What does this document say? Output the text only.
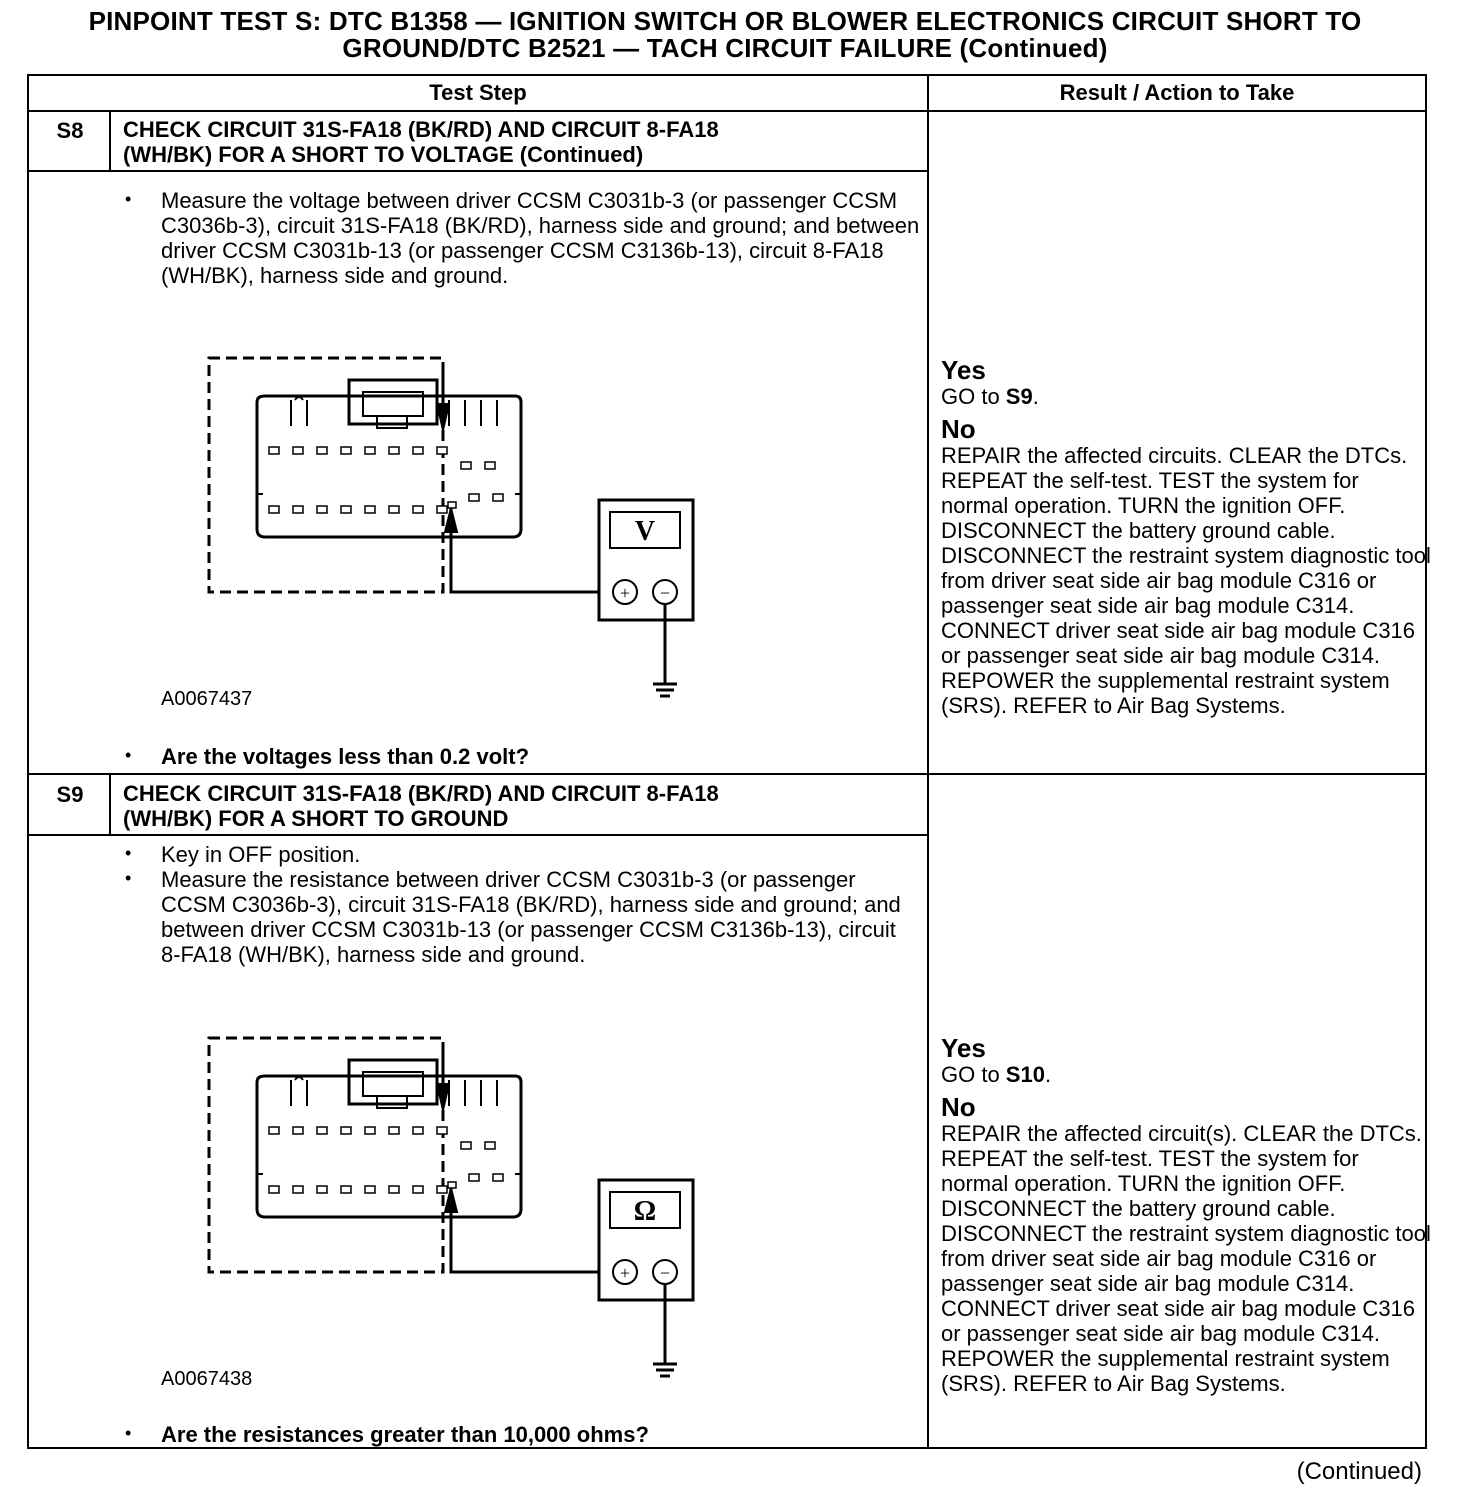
PINPOINT TEST S: DTC B1358 — IGNITION SWITCH OR BLOWER ELECTRONICS CIRCUIT SHORT TO
GROUND/DTC B2521 — TACH CIRCUIT FAILURE (Continued)
Test Step	Result / Action to Take
S8	CHECK CIRCUIT 31S-FA18 (BK/RD) AND CIRCUIT 8-FA18
(WH/BK) FOR A SHORT TO VOLTAGE (Continued)
• Measure the voltage between driver CCSM C3031b-3 (or passenger CCSM C3036b-3), circuit 31S-FA18 (BK/RD), harness side and ground; and between driver CCSM C3031b-13 (or passenger CCSM C3136b-13), circuit 8-FA18 (WH/BK), harness side and ground.
V
+ −
A0067437
• Are the voltages less than 0.2 volt?
Yes
GO to S9.
No
REPAIR the affected circuits. CLEAR the DTCs. REPEAT the self-test. TEST the system for normal operation. TURN the ignition OFF. DISCONNECT the battery ground cable. DISCONNECT the restraint system diagnostic tool from driver seat side air bag module C316 or passenger seat side air bag module C314. CONNECT driver seat side air bag module C316 or passenger seat side air bag module C314. REPOWER the supplemental restraint system (SRS). REFER to Air Bag Systems.
S9	CHECK CIRCUIT 31S-FA18 (BK/RD) AND CIRCUIT 8-FA18
(WH/BK) FOR A SHORT TO GROUND
• Key in OFF position.
• Measure the resistance between driver CCSM C3031b-3 (or passenger CCSM C3036b-3), circuit 31S-FA18 (BK/RD), harness side and ground; and between driver CCSM C3031b-13 (or passenger CCSM C3136b-13), circuit 8-FA18 (WH/BK), harness side and ground.
Ω
+ −
A0067438
• Are the resistances greater than 10,000 ohms?
Yes
GO to S10.
No
REPAIR the affected circuit(s). CLEAR the DTCs. REPEAT the self-test. TEST the system for normal operation. TURN the ignition OFF. DISCONNECT the battery ground cable. DISCONNECT the restraint system diagnostic tool from driver seat side air bag module C316 or passenger seat side air bag module C314. CONNECT driver seat side air bag module C316 or passenger seat side air bag module C314. REPOWER the supplemental restraint system (SRS). REFER to Air Bag Systems.
(Continued)
